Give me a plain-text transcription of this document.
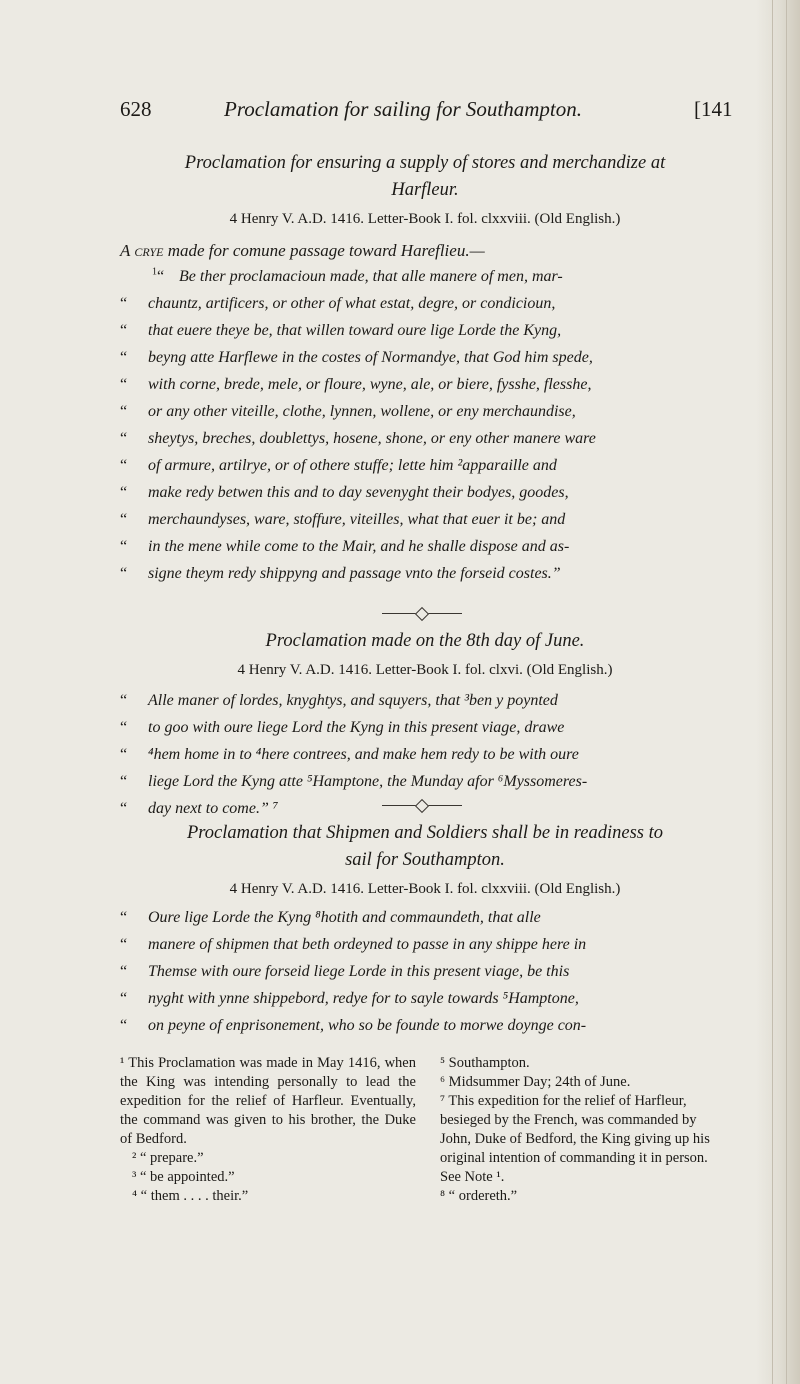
628	Proclamation for sailing for Southampton.	[141
Proclamation for ensuring a supply of stores and merchandize at
Harfleur.
4 Henry V. A.D. 1416. Letter-Book I. fol. clxxviii. (Old English.)
A crye made for comune passage toward Hareflieu.—
$^1$“ Be ther proclamacioun made, that alle manere of men, mar-
“ chauntz, artificers, or other of what estat, degre, or condicioun,
“ that euere theye be, that willen toward oure lige Lorde the Kyng,
“ beyng atte Harflewe in the costes of Normandye, that God him spede,
“ with corne, brede, mele, or floure, wyne, ale, or biere, fysshe, flesshe,
“ or any other viteille, clothe, lynnen, wollene, or eny merchaundise,
“ sheytys, breches, doublettys, hosene, shone, or eny other manere ware
“ of armure, artilrye, or of othere stuffe; lette him ²apparaille and
“ make redy betwen this and to day sevenyght their bodyes, goodes,
“ merchaundyses, ware, stoffure, viteilles, what that euer it be; and
“ in the mene while come to the Mair, and he shalle dispose and as-
“ signe theym redy shippyng and passage vnto the forseid costes.”
Proclamation made on the 8th day of June.
4 Henry V. A.D. 1416. Letter-Book I. fol. clxvi. (Old English.)
“ Alle maner of lordes, knyghtys, and squyers, that ³ben y poynted
“ to goo with oure liege Lord the Kyng in this present viage, drawe
“ ⁴hem home in to ⁴here contrees, and make hem redy to be with oure
“ liege Lord the Kyng atte ⁵Hamptone, the Munday afor ⁶Myssomeres-
“ day next to come.” ⁷
Proclamation that Shipmen and Soldiers shall be in readiness to
sail for Southampton.
4 Henry V. A.D. 1416. Letter-Book I. fol. clxxviii. (Old English.)
“ Oure lige Lorde the Kyng ⁸hotith and commaundeth, that alle
“ manere of shipmen that beth ordeyned to passe in any shippe here in
“ Themse with oure forseid liege Lorde in this present viage, be this
“ nyght with ynne shippebord, redye for to sayle towards ⁵Hamptone,
“ on peyne of enprisonement, who so be founde to morwe doynge con-

¹ This Proclamation was made in May 1416, when the King was intending personally to lead the expedition for the relief of Harfleur. Eventually, the command was given to his brother, the Duke of Bedford.

² “ prepare.”

³ “ be appointed.”

⁴ “ them . . . . their.”

⁵ Southampton.

⁶ Midsummer Day; 24th of June.

⁷ This expedition for the relief of Harfleur, besieged by the French, was commanded by John, Duke of Bedford, the King giving up his original intention of commanding it in person. See Note ¹.

⁸ “ ordereth.”
